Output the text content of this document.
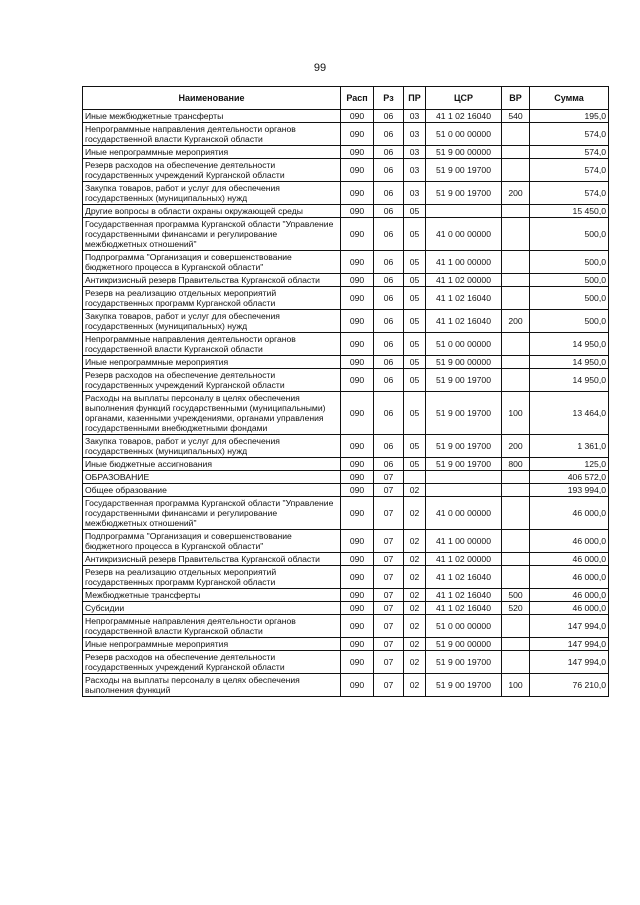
99
Наименование	Расп	Рз	ПР	ЦСР	ВР	Сумма
Иные межбюджетные трансферты	090	06	03	41 1 02 16040	540	195,0
Непрограммные направления деятельности органов государственной власти Курганской области	090	06	03	51 0 00 00000		574,0
Иные непрограммные мероприятия	090	06	03	51 9 00 00000		574,0
Резерв расходов на обеспечение деятельности государственных учреждений Курганской области	090	06	03	51 9 00 19700		574,0
Закупка товаров, работ и услуг для обеспечения государственных (муниципальных) нужд	090	06	03	51 9 00 19700	200	574,0
Другие вопросы в области охраны окружающей среды	090	06	05			15 450,0
Государственная программа Курганской области "Управление государственными финансами и регулирование межбюджетных отношений"	090	06	05	41 0 00 00000		500,0
Подпрограмма "Организация и совершенствование бюджетного процесса в Курганской области"	090	06	05	41 1 00 00000		500,0
Антикризисный резерв Правительства Курганской области	090	06	05	41 1 02 00000		500,0
Резерв на реализацию отдельных мероприятий государственных программ Курганской области	090	06	05	41 1 02 16040		500,0
Закупка товаров, работ и услуг для обеспечения государственных (муниципальных) нужд	090	06	05	41 1 02 16040	200	500,0
Непрограммные направления деятельности органов государственной власти Курганской области	090	06	05	51 0 00 00000		14 950,0
Иные непрограммные мероприятия	090	06	05	51 9 00 00000		14 950,0
Резерв расходов на обеспечение деятельности государственных учреждений Курганской области	090	06	05	51 9 00 19700		14 950,0
Расходы на выплаты персоналу в целях обеспечения выполнения функций государственными (муниципальными) органами, казенными учреждениями, органами управления государственными внебюджетными фондами	090	06	05	51 9 00 19700	100	13 464,0
Закупка товаров, работ и услуг для обеспечения государственных (муниципальных) нужд	090	06	05	51 9 00 19700	200	1 361,0
Иные бюджетные ассигнования	090	06	05	51 9 00 19700	800	125,0
ОБРАЗОВАНИЕ	090	07				406 572,0
Общее образование	090	07	02			193 994,0
Государственная программа Курганской области "Управление государственными финансами и регулирование межбюджетных отношений"	090	07	02	41 0 00 00000		46 000,0
Подпрограмма "Организация и совершенствование бюджетного процесса в Курганской области"	090	07	02	41 1 00 00000		46 000,0
Антикризисный резерв Правительства Курганской области	090	07	02	41 1 02 00000		46 000,0
Резерв на реализацию отдельных мероприятий государственных программ Курганской области	090	07	02	41 1 02 16040		46 000,0
Межбюджетные трансферты	090	07	02	41 1 02 16040	500	46 000,0
Субсидии	090	07	02	41 1 02 16040	520	46 000,0
Непрограммные направления деятельности органов государственной власти Курганской области	090	07	02	51 0 00 00000		147 994,0
Иные непрограммные мероприятия	090	07	02	51 9 00 00000		147 994,0
Резерв расходов на обеспечение деятельности государственных учреждений Курганской области	090	07	02	51 9 00 19700		147 994,0
Расходы на выплаты персоналу в целях обеспечения выполнения функций	090	07	02	51 9 00 19700	100	76 210,0
